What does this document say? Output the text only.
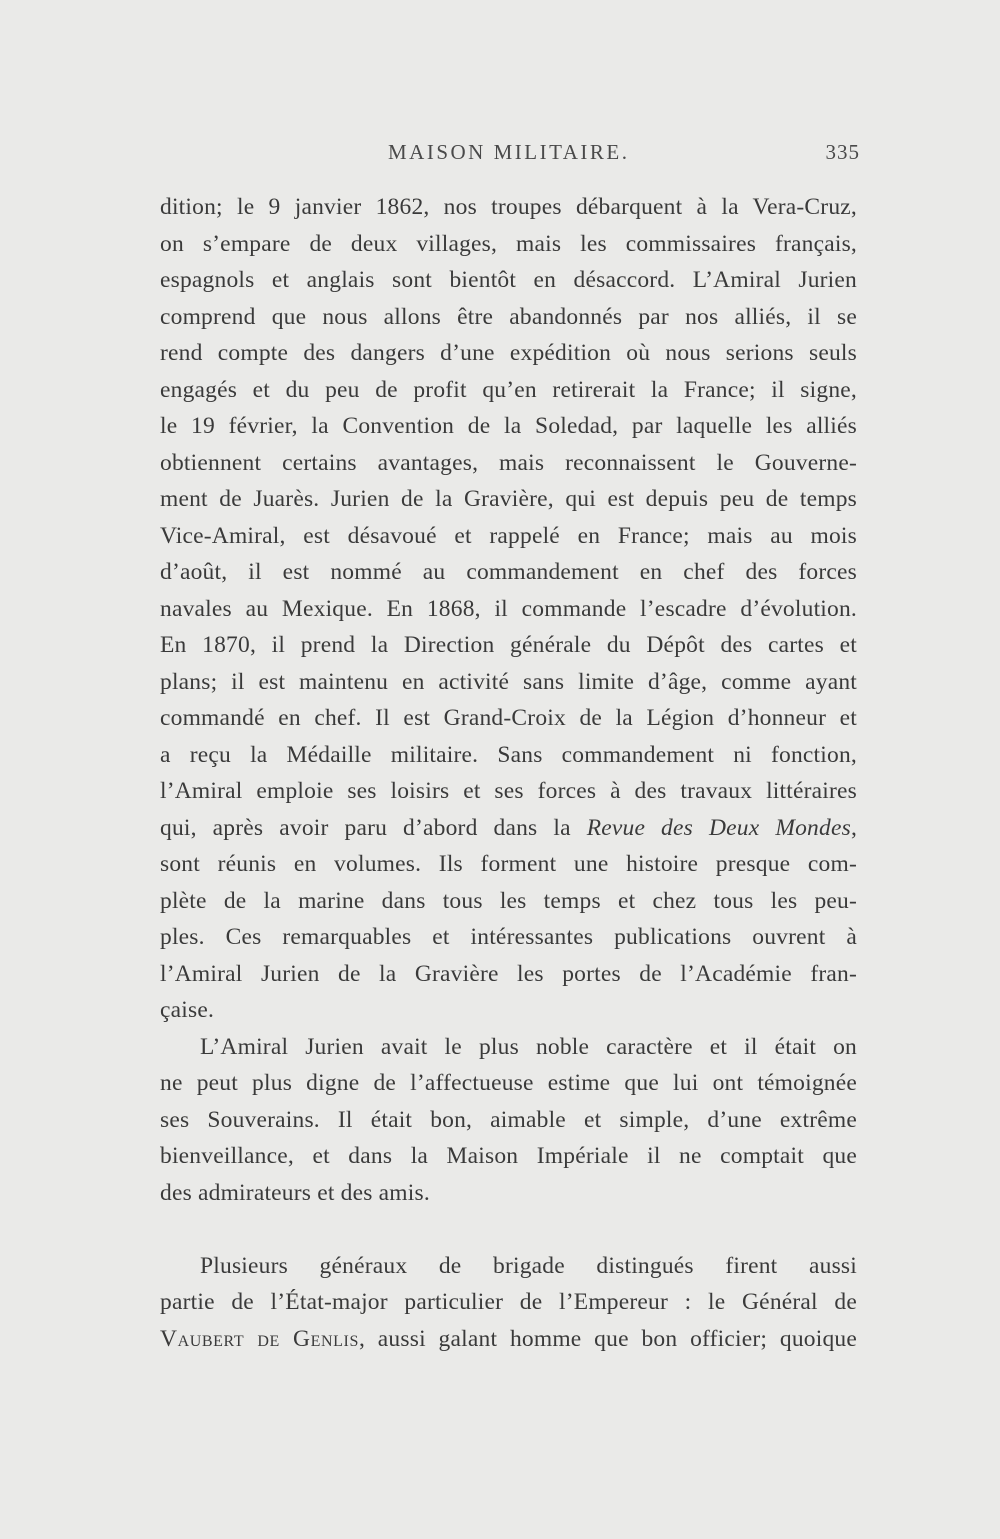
MAISON MILITAIRE.	335
dition; le 9 janvier 1862, nos troupes débarquent à la Vera-Cruz,
on s’empare de deux villages, mais les commissaires français,
espagnols et anglais sont bientôt en désaccord. L’Amiral Jurien
comprend que nous allons être abandonnés par nos alliés, il se
rend compte des dangers d’une expédition où nous serions seuls
engagés et du peu de profit qu’en retirerait la France; il signe,
le 19 février, la Convention de la Soledad, par laquelle les alliés
obtiennent certains avantages, mais reconnaissent le Gouverne-
ment de Juarès. Jurien de la Gravière, qui est depuis peu de temps
Vice-Amiral, est désavoué et rappelé en France; mais au mois
d’août, il est nommé au commandement en chef des forces
navales au Mexique. En 1868, il commande l’escadre d’évolution.
En 1870, il prend la Direction générale du Dépôt des cartes et
plans; il est maintenu en activité sans limite d’âge, comme ayant
commandé en chef. Il est Grand-Croix de la Légion d’honneur et
a reçu la Médaille militaire. Sans commandement ni fonction,
l’Amiral emploie ses loisirs et ses forces à des travaux littéraires
qui, après avoir paru d’abord dans la Revue des Deux Mondes,
sont réunis en volumes. Ils forment une histoire presque com-
plète de la marine dans tous les temps et chez tous les peu-
ples. Ces remarquables et intéressantes publications ouvrent à
l’Amiral Jurien de la Gravière les portes de l’Académie fran-
çaise.
L’Amiral Jurien avait le plus noble caractère et il était on
ne peut plus digne de l’affectueuse estime que lui ont témoignée
ses Souverains. Il était bon, aimable et simple, d’une extrême
bienveillance, et dans la Maison Impériale il ne comptait que
des admirateurs et des amis.
Plusieurs généraux de brigade distingués firent aussi
partie de l’État-major particulier de l’Empereur : le Général de
Vaubert de Genlis, aussi galant homme que bon officier; quoique
